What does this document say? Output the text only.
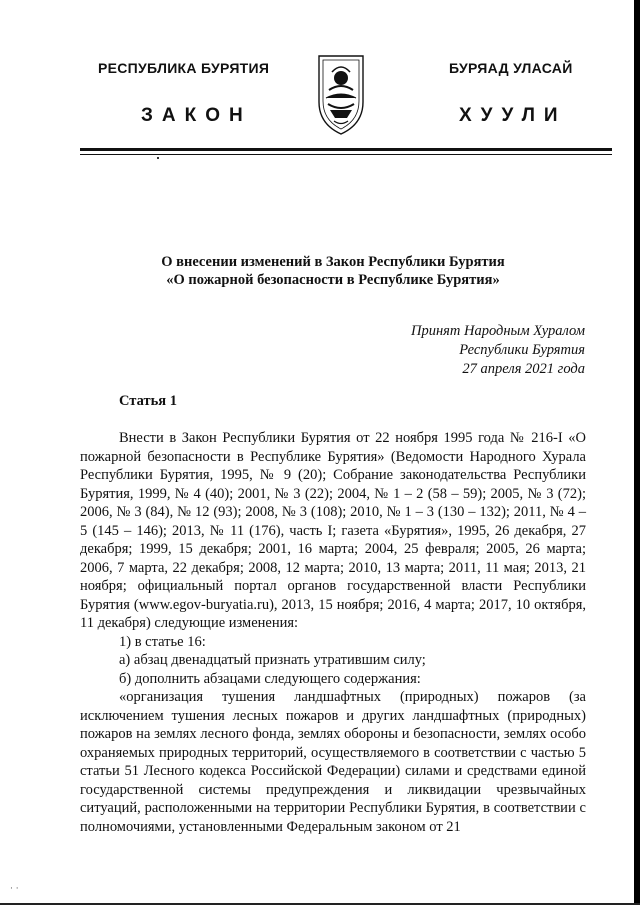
РЕСПУБЛИКА БУРЯТИЯ	БУРЯАД УЛАСАЙ
ЗАКОН	ХУУЛИ
О внесении изменений в Закон Республики Бурятия
«О пожарной безопасности в Республике Бурятия»
Принят Народным Хуралом
Республики Бурятия
27 апреля 2021 года
Статья 1

Внести в Закон Республики Бурятия от 22 ноября 1995 года № 216-I «О пожарной безопасности в Республике Бурятия» (Ведомости Народного Хурала Республики Бурятия, 1995, № 9 (20); Собрание законодательства Республики Бурятия, 1999, № 4 (40); 2001, № 3 (22); 2004, № 1 – 2 (58 – 59); 2005, № 3 (72); 2006, № 3 (84), № 12 (93); 2008, № 3 (108); 2010, № 1 – 3 (130 – 132); 2011, № 4 – 5 (145 – 146); 2013, № 11 (176), часть I; газета «Бурятия», 1995, 26 декабря, 27 декабря; 1999, 15 декабря; 2001, 16 марта; 2004, 25 февраля; 2005, 26 марта; 2006, 7 марта, 22 декабря; 2008, 12 марта; 2010, 13 марта; 2011, 11 мая; 2013, 21 ноября; официальный портал органов государственной власти Республики Бурятия (www.egov-buryatia.ru), 2013, 15 ноября; 2016, 4 марта; 2017, 10 октября, 11 декабря) следующие изменения:

1) в статье 16:

а) абзац двенадцатый признать утратившим силу;

б) дополнить абзацами следующего содержания:

«организация тушения ландшафтных (природных) пожаров (за исключением тушения лесных пожаров и других ландшафтных (природных) пожаров на землях лесного фонда, землях обороны и безопасности, землях особо охраняемых природных территорий, осуществляемого в соответствии с частью 5 статьи 51 Лесного кодекса Российской Федерации) силами и средствами единой государственной системы предупреждения и ликвидации чрезвычайных ситуаций, расположенными на территории Республики Бурятия, в соответствии с полномочиями, установленными Федеральным законом от 21

· ·
